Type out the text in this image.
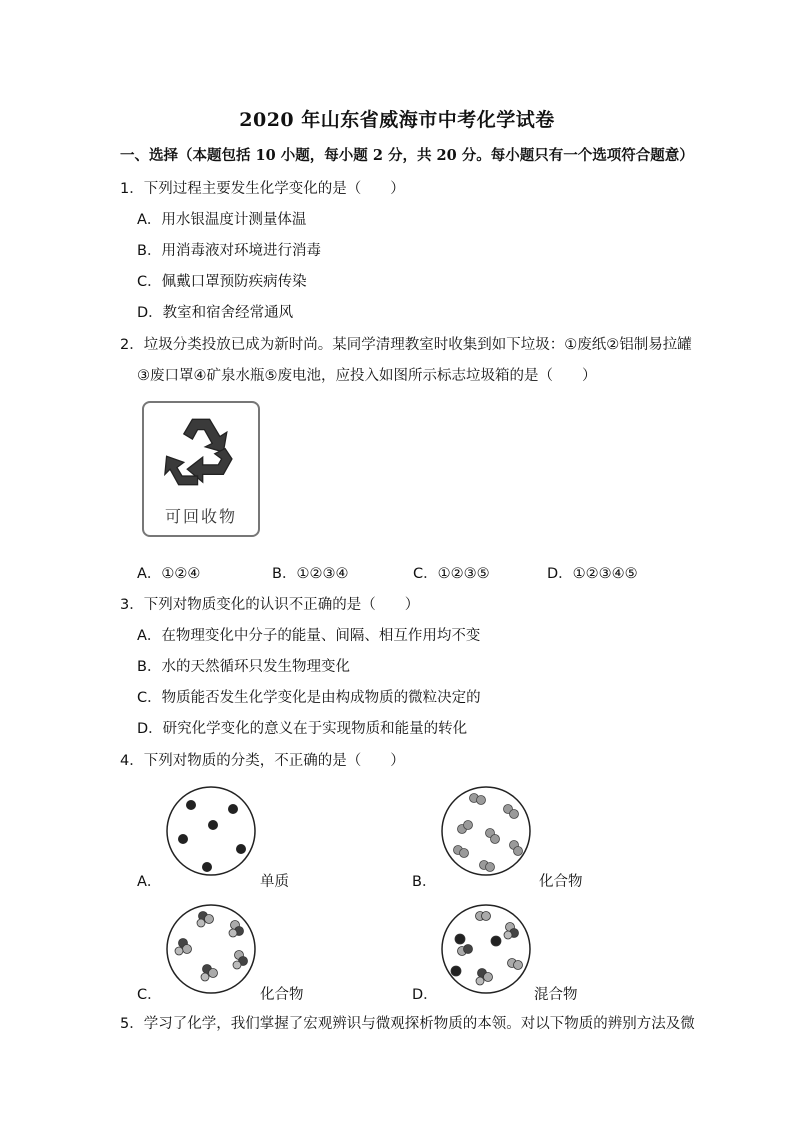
2020 年山东省威海市中考化学试卷
一、选择（本题包括 10 小题，每小题 2 分，共 20 分。每小题只有一个选项符合题意）
1．下列过程主要发生化学变化的是（　　）
A．用水银温度计测量体温
B．用消毒液对环境进行消毒
C．佩戴口罩预防疾病传染
D．教室和宿舍经常通风
2．垃圾分类投放已成为新时尚。某同学清理教室时收集到如下垃圾：①废纸②铝制易拉罐
③废口罩④矿泉水瓶⑤废电池，应投入如图所示标志垃圾箱的是（　　）
可回收物
A．①②④	B．①②③④	C．①②③⑤	D．①②③④⑤
3．下列对物质变化的认识不正确的是（　　）
A．在物理变化中分子的能量、间隔、相互作用均不变
B．水的天然循环只发生物理变化
C．物质能否发生化学变化是由构成物质的微粒决定的
D．研究化学变化的意义在于实现物质和能量的转化
4．下列对物质的分类，不正确的是（　　）
A．	单质	B．	化合物
C．	化合物	D．	混合物
5．学习了化学，我们掌握了宏观辨识与微观探析物质的本领。对以下物质的辨别方法及微
